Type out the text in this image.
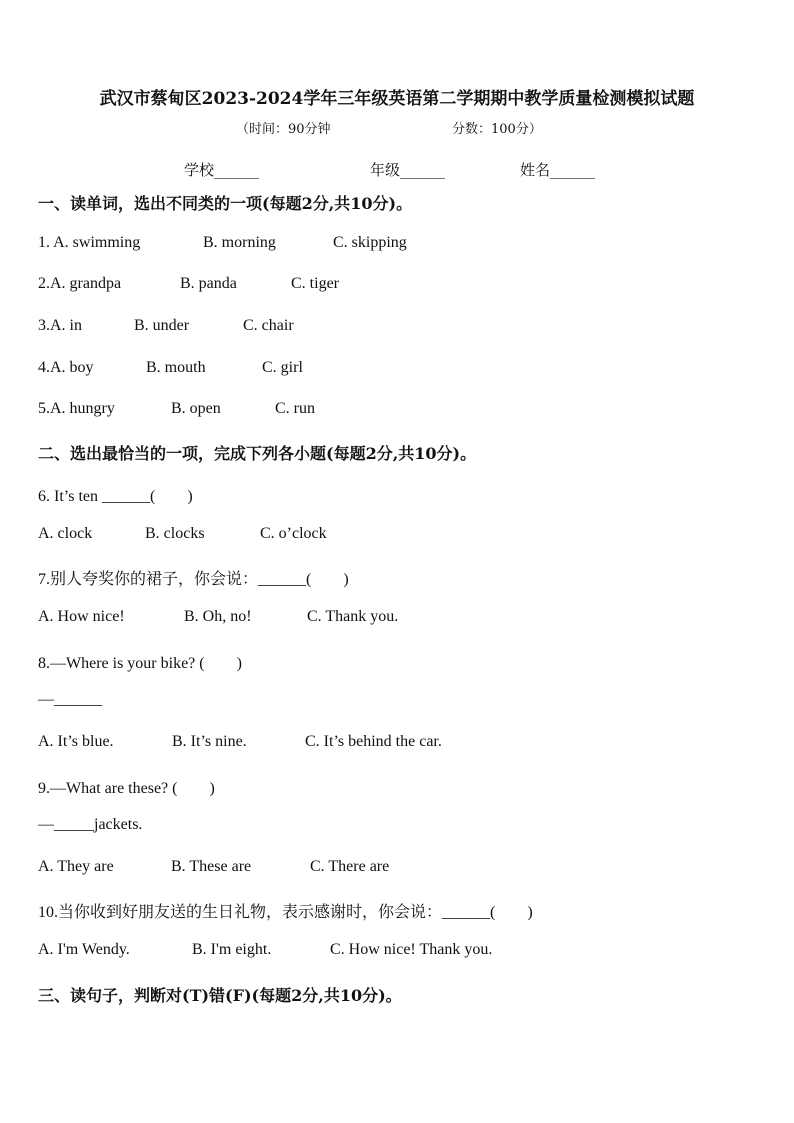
武汉市蔡甸区2023-2024学年三年级英语第二学期期中教学质量检测模拟试题
（时间：90分钟	分数：100分）
学校______	年级______	姓名______
一、读单词，选出不同类的一项(每题2分,共10分)。
1. A. swimming	B. morning	C. skipping
2.A. grandpa	B. panda	C. tiger
3.A. in	B. under	C. chair
4.A. boy	B. mouth	C. girl
5.A. hungry	B. open	C. run
二、选出最恰当的一项，完成下列各小题(每题2分,共10分)。
6. It’s ten ______(　　)
A. clock	B. clocks	C. o’clock
7.别人夸奖你的裙子，你会说：______(　　)
A. How nice!	B. Oh, no!	C. Thank you.
8.—Where is your bike? (　　)
—______
A. It’s blue.	B. It’s nine.	C. It’s behind the car.
9.—What are these? (　　)
—_____jackets.
A. They are	B. These are	C. There are
10.当你收到好朋友送的生日礼物，表示感谢时，你会说：______(　　)
A. I'm Wendy.	B. I'm eight.	C. How nice! Thank you.
三、读句子，判断对(T)错(F)(每题2分,共10分)。
